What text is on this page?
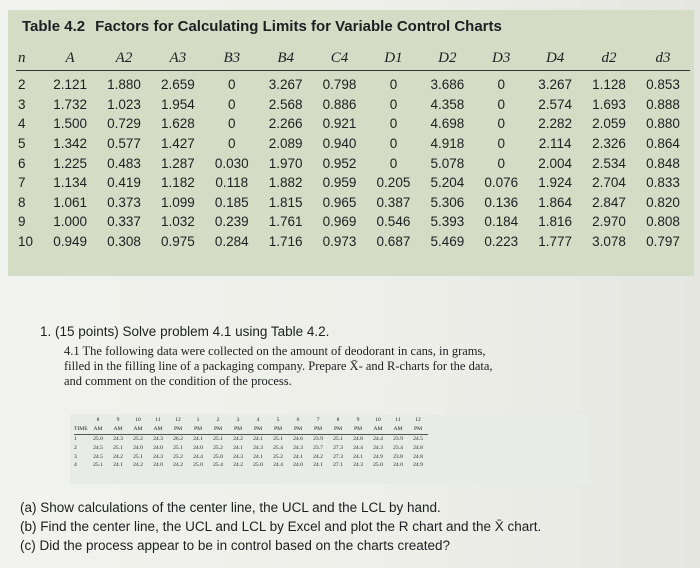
Table 4.2 Factors for Calculating Limits for Variable Control Charts
n	A	A2	A3	B3	B4	C4	D1	D2	D3	D4	d2	d3
2	2.121	1.880	2.659	0	3.267	0.798	0	3.686	0	3.267	1.128	0.853
3	1.732	1.023	1.954	0	2.568	0.886	0	4.358	0	2.574	1.693	0.888
4	1.500	0.729	1.628	0	2.266	0.921	0	4.698	0	2.282	2.059	0.880
5	1.342	0.577	1.427	0	2.089	0.940	0	4.918	0	2.114	2.326	0.864
6	1.225	0.483	1.287	0.030	1.970	0.952	0	5.078	0	2.004	2.534	0.848
7	1.134	0.419	1.182	0.118	1.882	0.959	0.205	5.204	0.076	1.924	2.704	0.833
8	1.061	0.373	1.099	0.185	1.815	0.965	0.387	5.306	0.136	1.864	2.847	0.820
9	1.000	0.337	1.032	0.239	1.761	0.969	0.546	5.393	0.184	1.816	2.970	0.808
10	0.949	0.308	0.975	0.284	1.716	0.973	0.687	5.469	0.223	1.777	3.078	0.797
1. (15 points) Solve problem 4.1 using Table 4.2.
4.1 The following data were collected on the amount of deodorant in cans, in grams, filled in the filling line of a packaging company. Prepare X̄- and R-charts for the data, and comment on the condition of the process.
	8	9	10	11	12	1	2	3	4	5	6	7	8	9	10	11	12
TIME	AM	AM	AM	AM	PM	PM	PM	PM	PM	PM	PM	PM	PM	PM	AM	AM	PM
1	25.0	24.3	25.2	24.3	26.2	24.1	25.1	24.2	24.1	25.1	24.6	23.9	25.1	24.8	24.4	23.9	24.5
2	24.5	25.1	24.0	24.0	25.1	24.0	25.2	24.1	24.3	25.4	24.3	23.7	27.3	24.4	24.3	23.4	24.8
3	24.5	24.2	25.1	24.3	25.2	24.4	25.0	24.3	24.1	25.2	24.1	24.2	27.3	24.1	24.9	23.8	24.8
4	25.1	24.1	24.2	24.0	24.2	25.0	25.4	24.2	25.0	24.4	24.0	24.1	27.1	24.3	25.0	24.0	24.9
(a) Show calculations of the center line, the UCL and the LCL by hand.
(b) Find the center line, the UCL and LCL by Excel and plot the R chart and the X̄ chart.
(c) Did the process appear to be in control based on the charts created?
